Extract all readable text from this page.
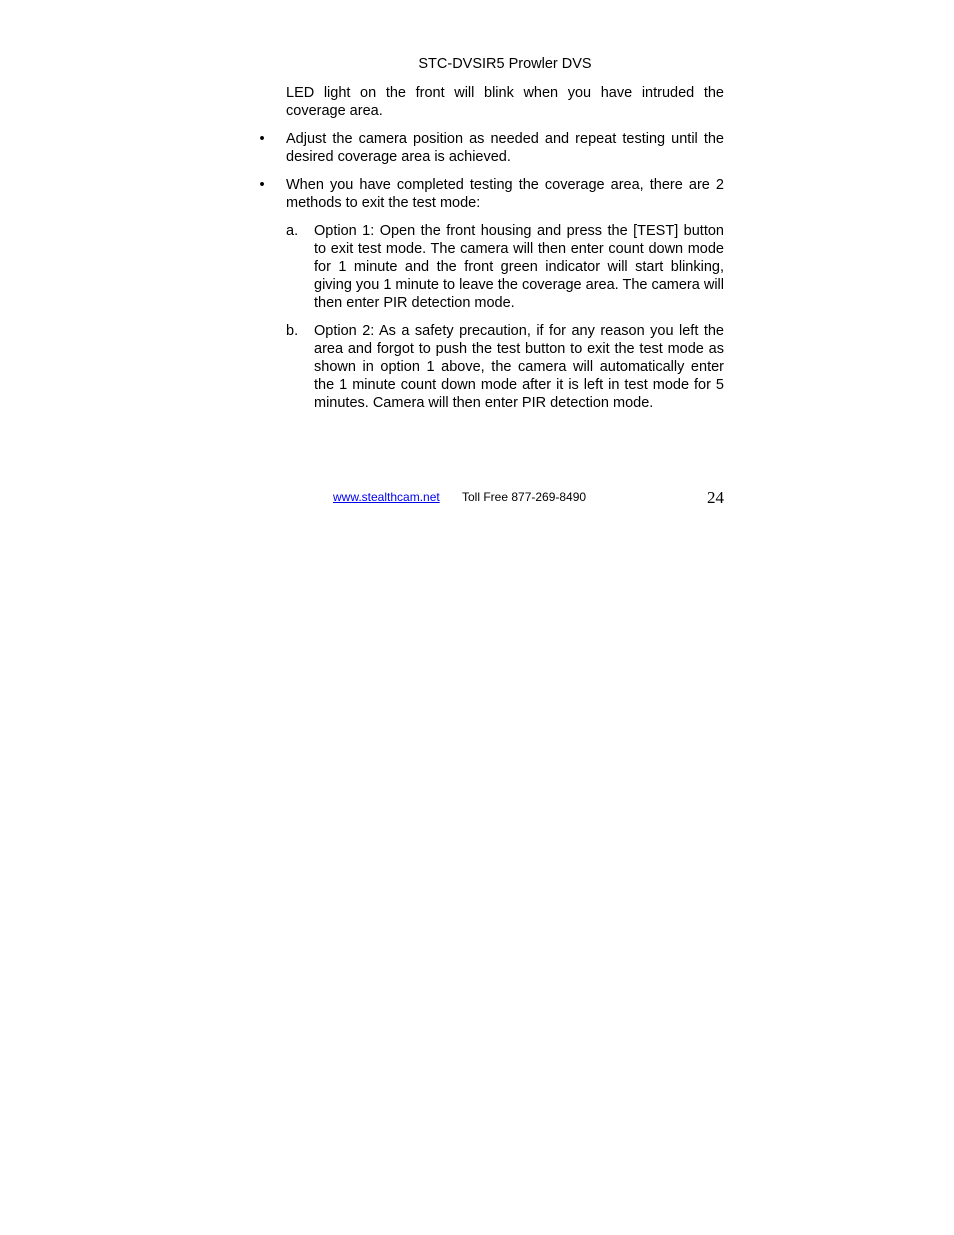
STC-DVSIR5 Prowler DVS

LED light on the front will blink when you have intruded the coverage area.

• Adjust the camera position as needed and repeat testing until the desired coverage area is achieved.
• When you have completed testing the coverage area, there are 2 methods to exit the test mode:
a. Option 1: Open the front housing and press the [TEST] button to exit test mode. The camera will then enter count down mode for 1 minute and the front green indicator will start blinking, giving you 1 minute to leave the coverage area. The camera will then enter PIR detection mode.
b. Option 2: As a safety precaution, if for any reason you left the area and forgot to push the test button to exit the test mode as shown in option 1 above, the camera will automatically enter the 1 minute count down mode after it is left in test mode for 5 minutes. Camera will then enter PIR detection mode.
www.stealthcam.net Toll Free 877-269-8490	24
